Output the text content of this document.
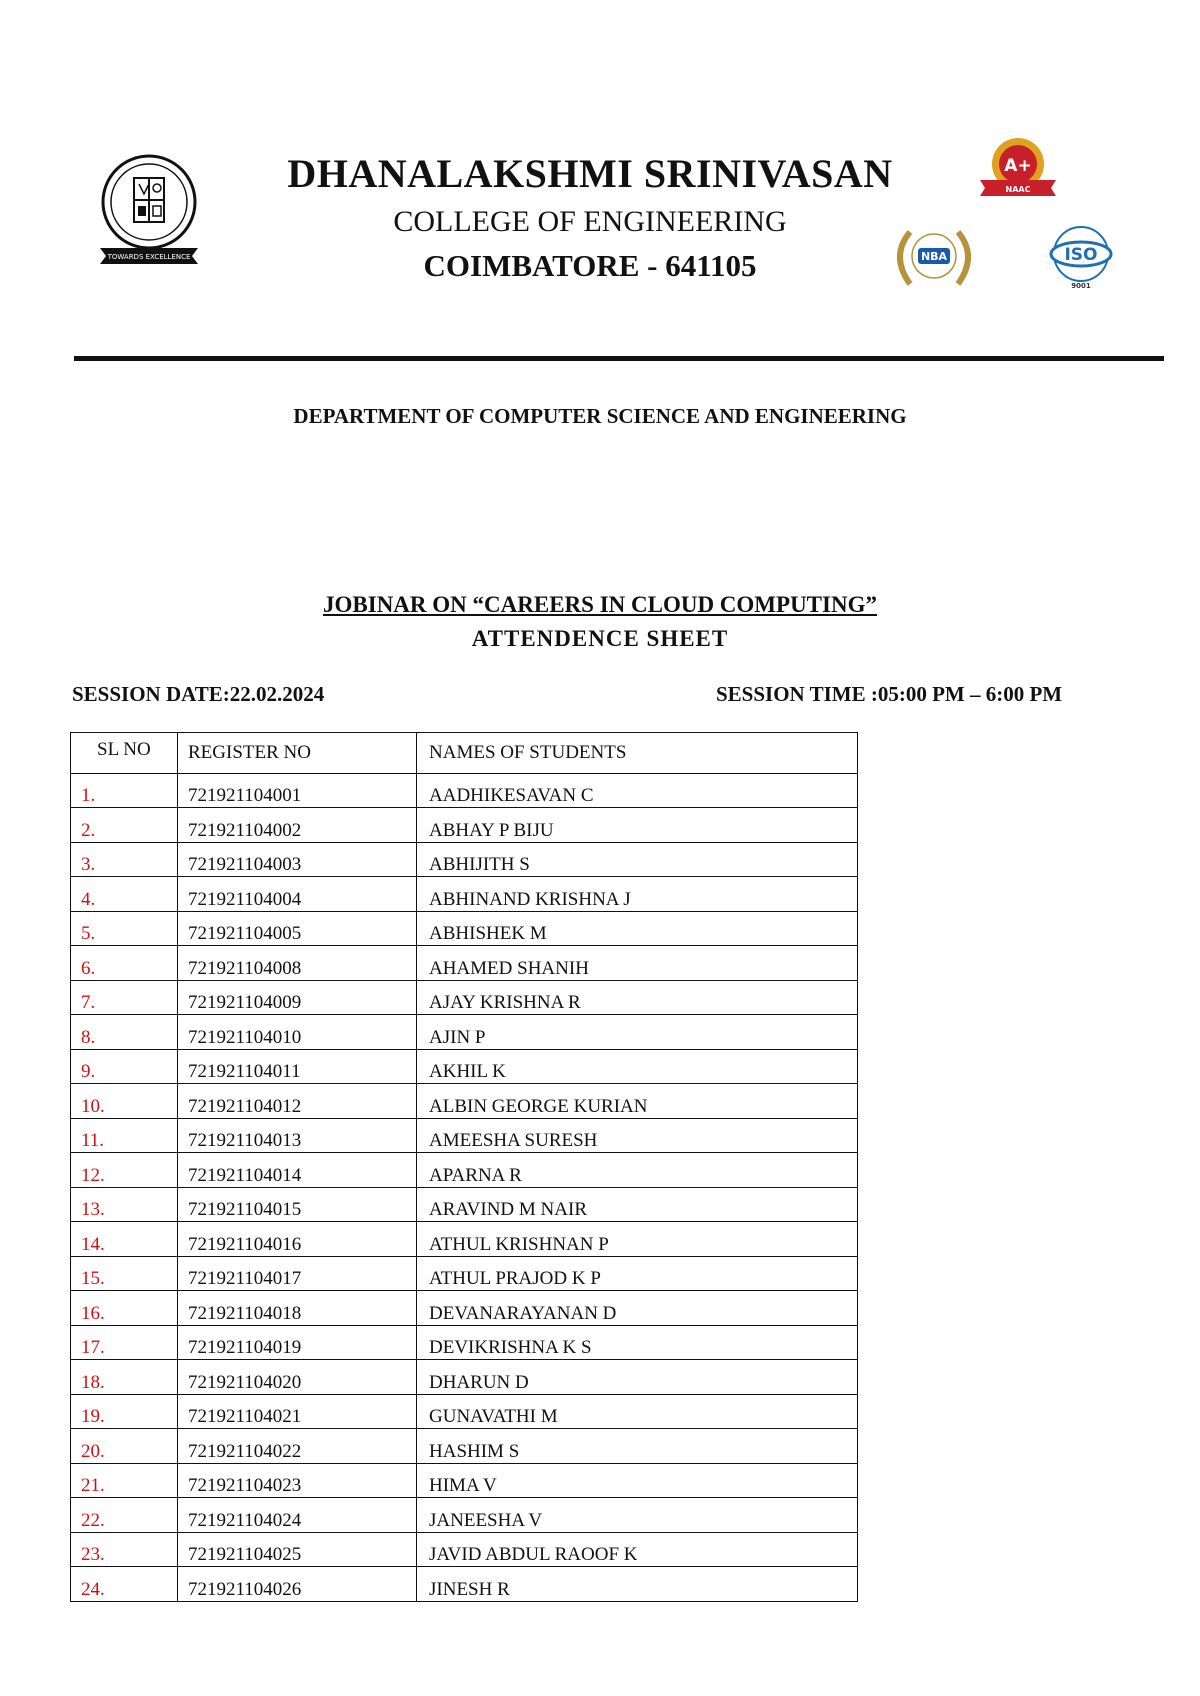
TOWARDS EXCELLENCE
DHANALAKSHMI SRINIVASAN
COLLEGE OF ENGINEERING
COIMBATORE - 641105
A+
NAAC
NBA	ISO
9001
DEPARTMENT OF COMPUTER SCIENCE AND ENGINEERING
JOBINAR ON “CAREERS IN CLOUD COMPUTING”
ATTENDENCE SHEET
SESSION DATE:22.02.2024	SESSION TIME :05:00 PM – 6:00 PM
SL NO	REGISTER NO	NAMES OF STUDENTS
1.	721921104001	AADHIKESAVAN C
2.	721921104002	ABHAY P BIJU
3.	721921104003	ABHIJITH S
4.	721921104004	ABHINAND KRISHNA J
5.	721921104005	ABHISHEK M
6.	721921104008	AHAMED SHANIH
7.	721921104009	AJAY KRISHNA R
8.	721921104010	AJIN P
9.	721921104011	AKHIL K
10.	721921104012	ALBIN GEORGE KURIAN
11.	721921104013	AMEESHA SURESH
12.	721921104014	APARNA R
13.	721921104015	ARAVIND M NAIR
14.	721921104016	ATHUL KRISHNAN P
15.	721921104017	ATHUL PRAJOD K P
16.	721921104018	DEVANARAYANAN D
17.	721921104019	DEVIKRISHNA K S
18.	721921104020	DHARUN D
19.	721921104021	GUNAVATHI M
20.	721921104022	HASHIM S
21.	721921104023	HIMA V
22.	721921104024	JANEESHA V
23.	721921104025	JAVID ABDUL RAOOF K
24.	721921104026	JINESH R
